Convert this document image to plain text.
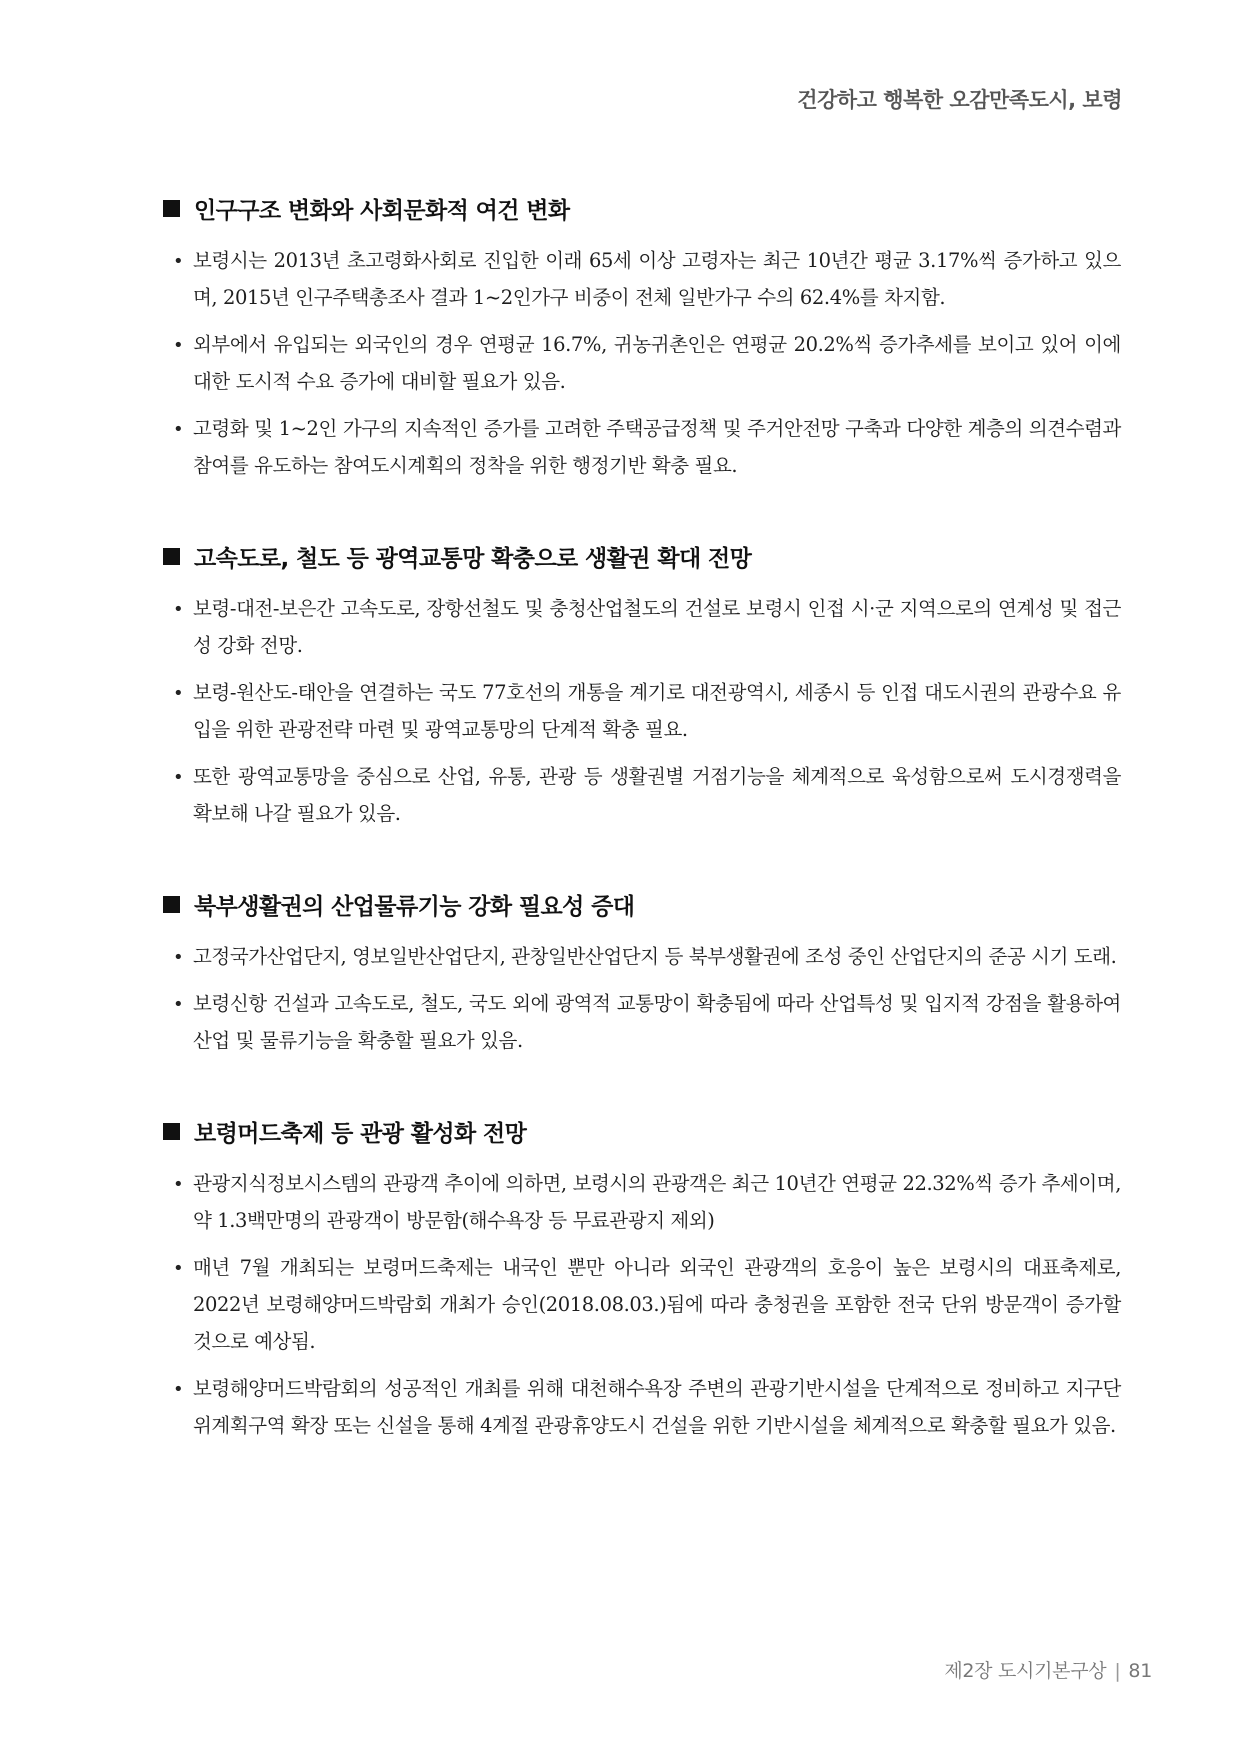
건강하고 행복한 오감만족도시, 보령
인구구조 변화와 사회문화적 여건 변화
• 보령시는 2013년 초고령화사회로 진입한 이래 65세 이상 고령자는 최근 10년간 평균 3.17%씩 증가하고 있으며, 2015년 인구주택총조사 결과 1~2인가구 비중이 전체 일반가구 수의 62.4%를 차지함.
• 외부에서 유입되는 외국인의 경우 연평균 16.7%, 귀농귀촌인은 연평균 20.2%씩 증가추세를 보이고 있어 이에 대한 도시적 수요 증가에 대비할 필요가 있음.
• 고령화 및 1~2인 가구의 지속적인 증가를 고려한 주택공급정책 및 주거안전망 구축과 다양한 계층의 의견수렴과 참여를 유도하는 참여도시계획의 정착을 위한 행정기반 확충 필요.
고속도로, 철도 등 광역교통망 확충으로 생활권 확대 전망
• 보령-대전-보은간 고속도로, 장항선철도 및 충청산업철도의 건설로 보령시 인접 시·군 지역으로의 연계성 및 접근성 강화 전망.
• 보령-원산도-태안을 연결하는 국도 77호선의 개통을 계기로 대전광역시, 세종시 등 인접 대도시권의 관광수요 유입을 위한 관광전략 마련 및 광역교통망의 단계적 확충 필요.
• 또한 광역교통망을 중심으로 산업, 유통, 관광 등 생활권별 거점기능을 체계적으로 육성함으로써 도시경쟁력을 확보해 나갈 필요가 있음.
북부생활권의 산업물류기능 강화 필요성 증대
• 고정국가산업단지, 영보일반산업단지, 관창일반산업단지 등 북부생활권에 조성 중인 산업단지의 준공 시기 도래.
• 보령신항 건설과 고속도로, 철도, 국도 외에 광역적 교통망이 확충됨에 따라 산업특성 및 입지적 강점을 활용하여 산업 및 물류기능을 확충할 필요가 있음.
보령머드축제 등 관광 활성화 전망
• 관광지식정보시스템의 관광객 추이에 의하면, 보령시의 관광객은 최근 10년간 연평균 22.32%씩 증가 추세이며, 약 1.3백만명의 관광객이 방문함(해수욕장 등 무료관광지 제외)
• 매년 7월 개최되는 보령머드축제는 내국인 뿐만 아니라 외국인 관광객의 호응이 높은 보령시의 대표축제로, 2022년 보령해양머드박람회 개최가 승인(2018.08.03.)됨에 따라 충청권을 포함한 전국 단위 방문객이 증가할 것으로 예상됨.
• 보령해양머드박람회의 성공적인 개최를 위해 대천해수욕장 주변의 관광기반시설을 단계적으로 정비하고 지구단위계획구역 확장 또는 신설을 통해 4계절 관광휴양도시 건설을 위한 기반시설을 체계적으로 확충할 필요가 있음.
제2장 도시기본구상 | 81
